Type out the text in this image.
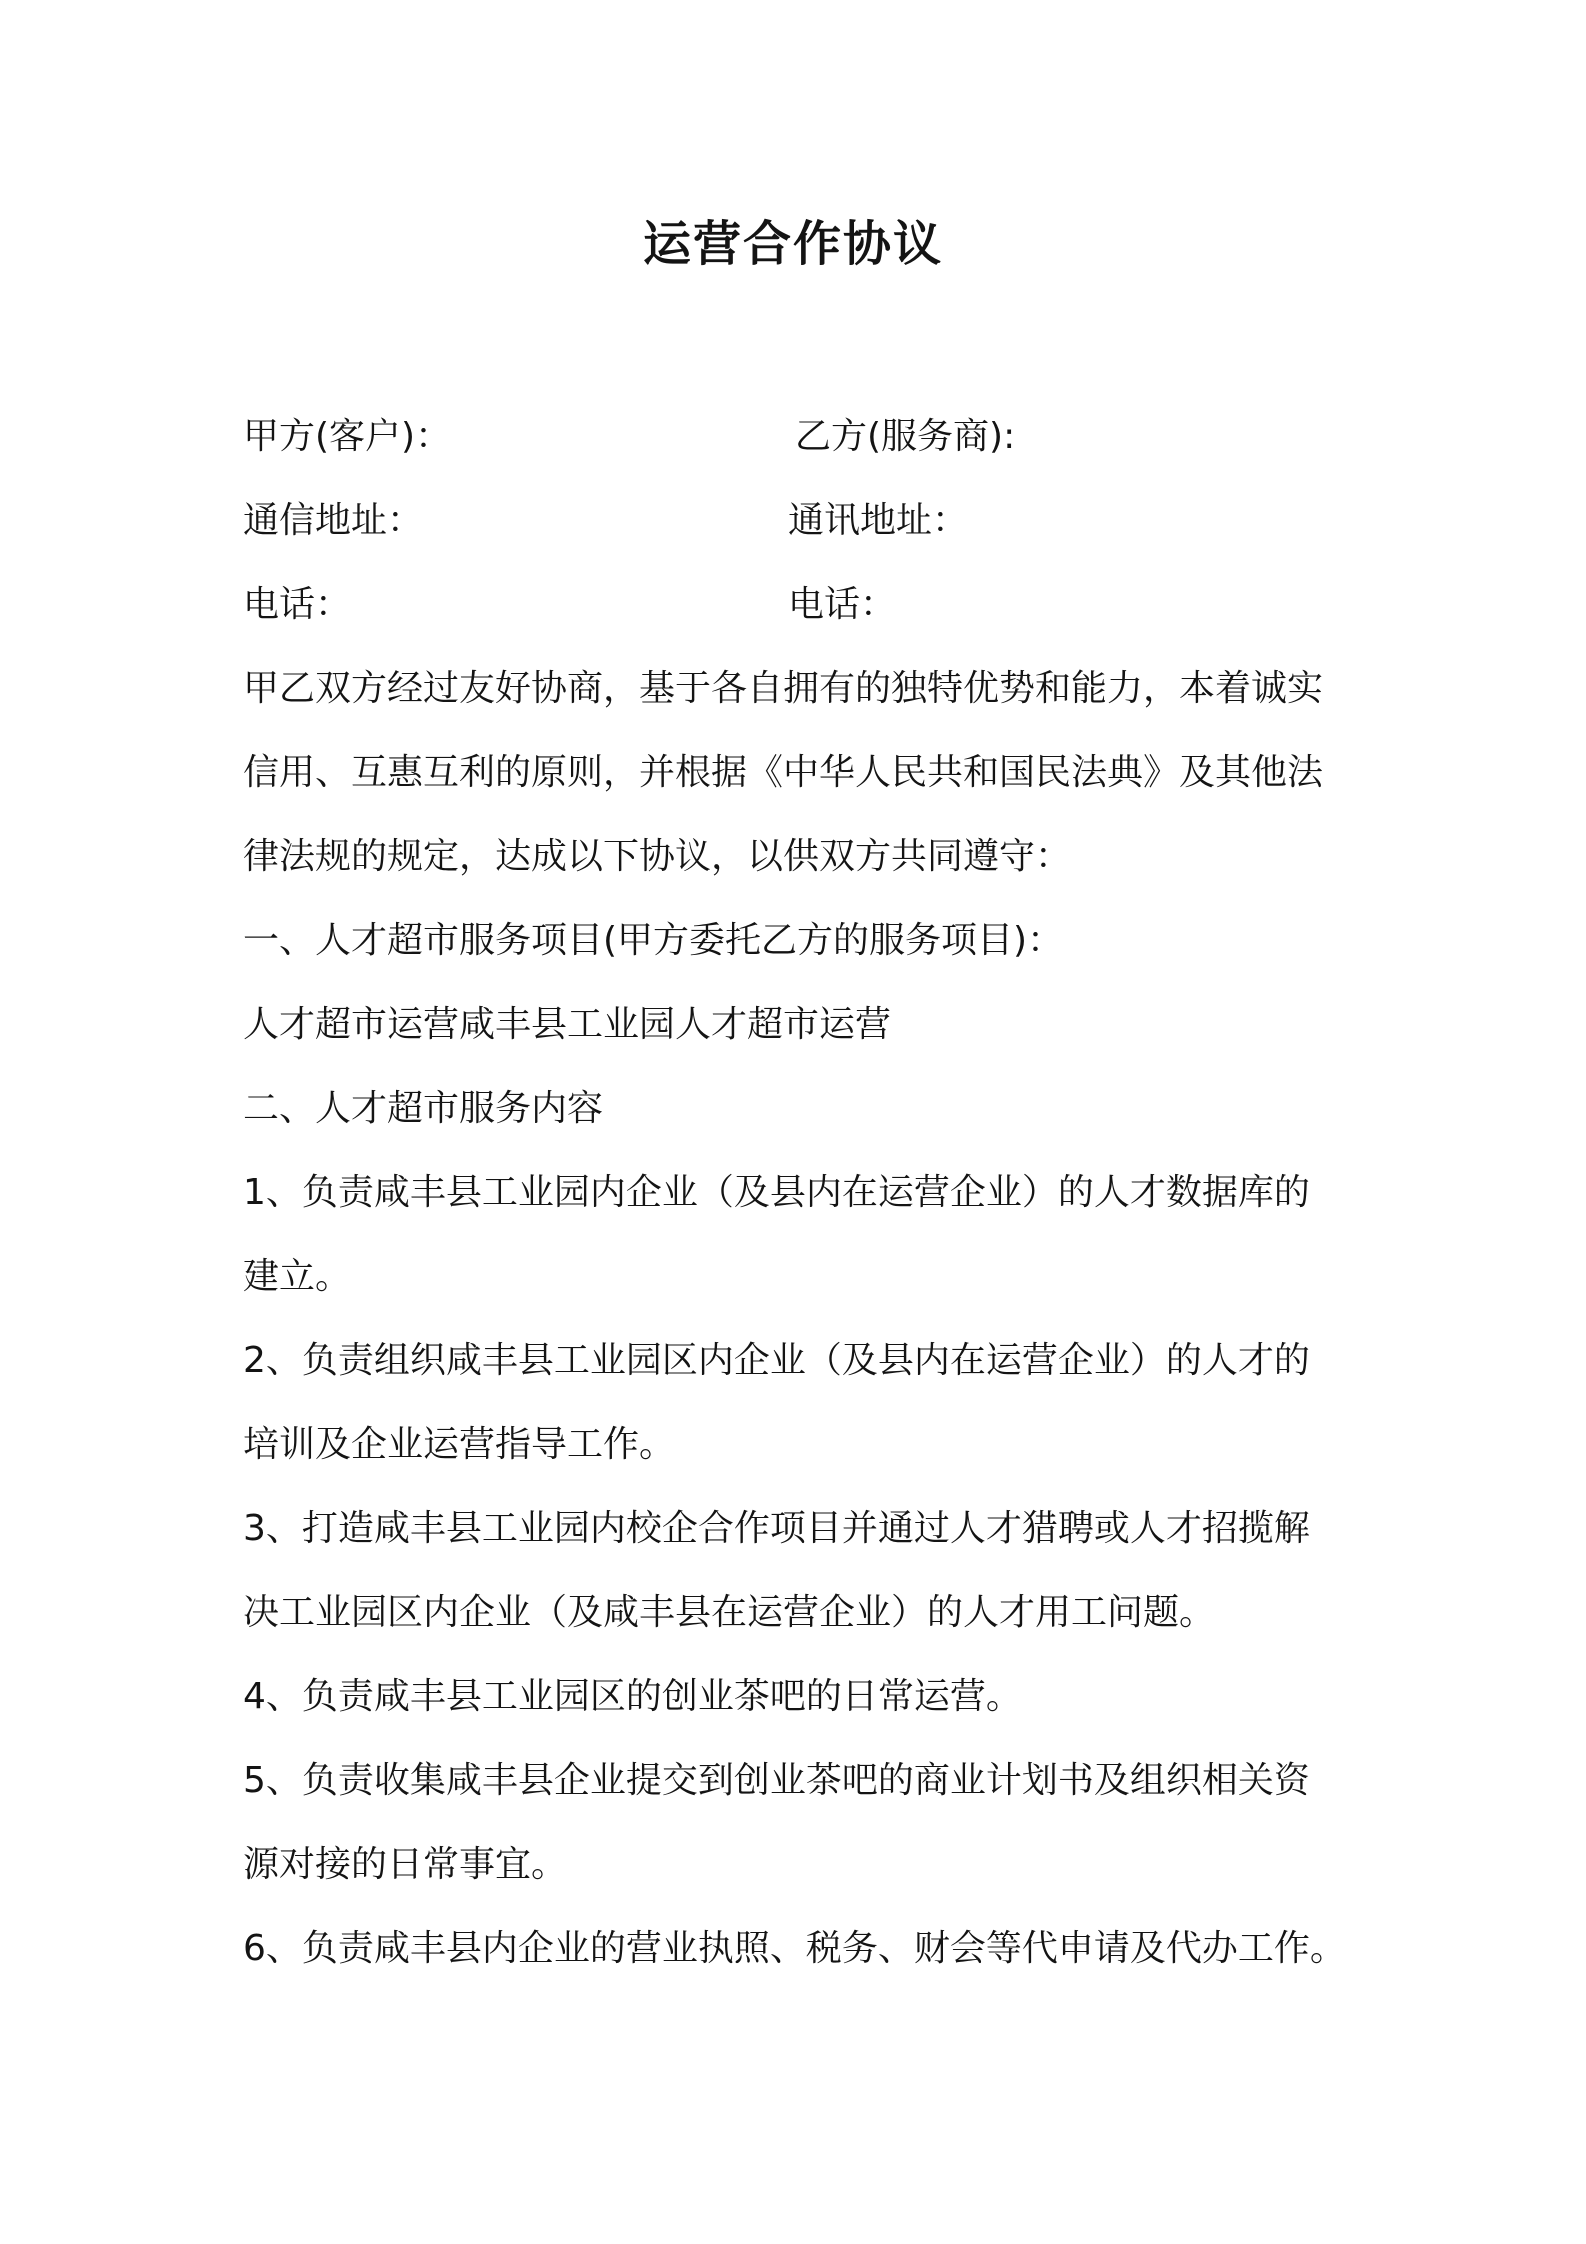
运营合作协议
甲方(客户)：	乙方(服务商):
通信地址：	通讯地址：
电话：	电话：
甲乙双方经过友好协商，基于各自拥有的独特优势和能力，本着诚实
信用、互惠互利的原则，并根据《中华人民共和国民法典》及其他法
律法规的规定，达成以下协议，以供双方共同遵守：
一、人才超市服务项目(甲方委托乙方的服务项目)：
人才超市运营咸丰县工业园人才超市运营
二、人才超市服务内容
1、负责咸丰县工业园内企业（及县内在运营企业）的人才数据库的
建立。
2、负责组织咸丰县工业园区内企业（及县内在运营企业）的人才的
培训及企业运营指导工作。
3、打造咸丰县工业园内校企合作项目并通过人才猎聘或人才招揽解
决工业园区内企业（及咸丰县在运营企业）的人才用工问题。
4、负责咸丰县工业园区的创业茶吧的日常运营。
5、负责收集咸丰县企业提交到创业茶吧的商业计划书及组织相关资
源对接的日常事宜。
6、负责咸丰县内企业的营业执照、税务、财会等代申请及代办工作。
